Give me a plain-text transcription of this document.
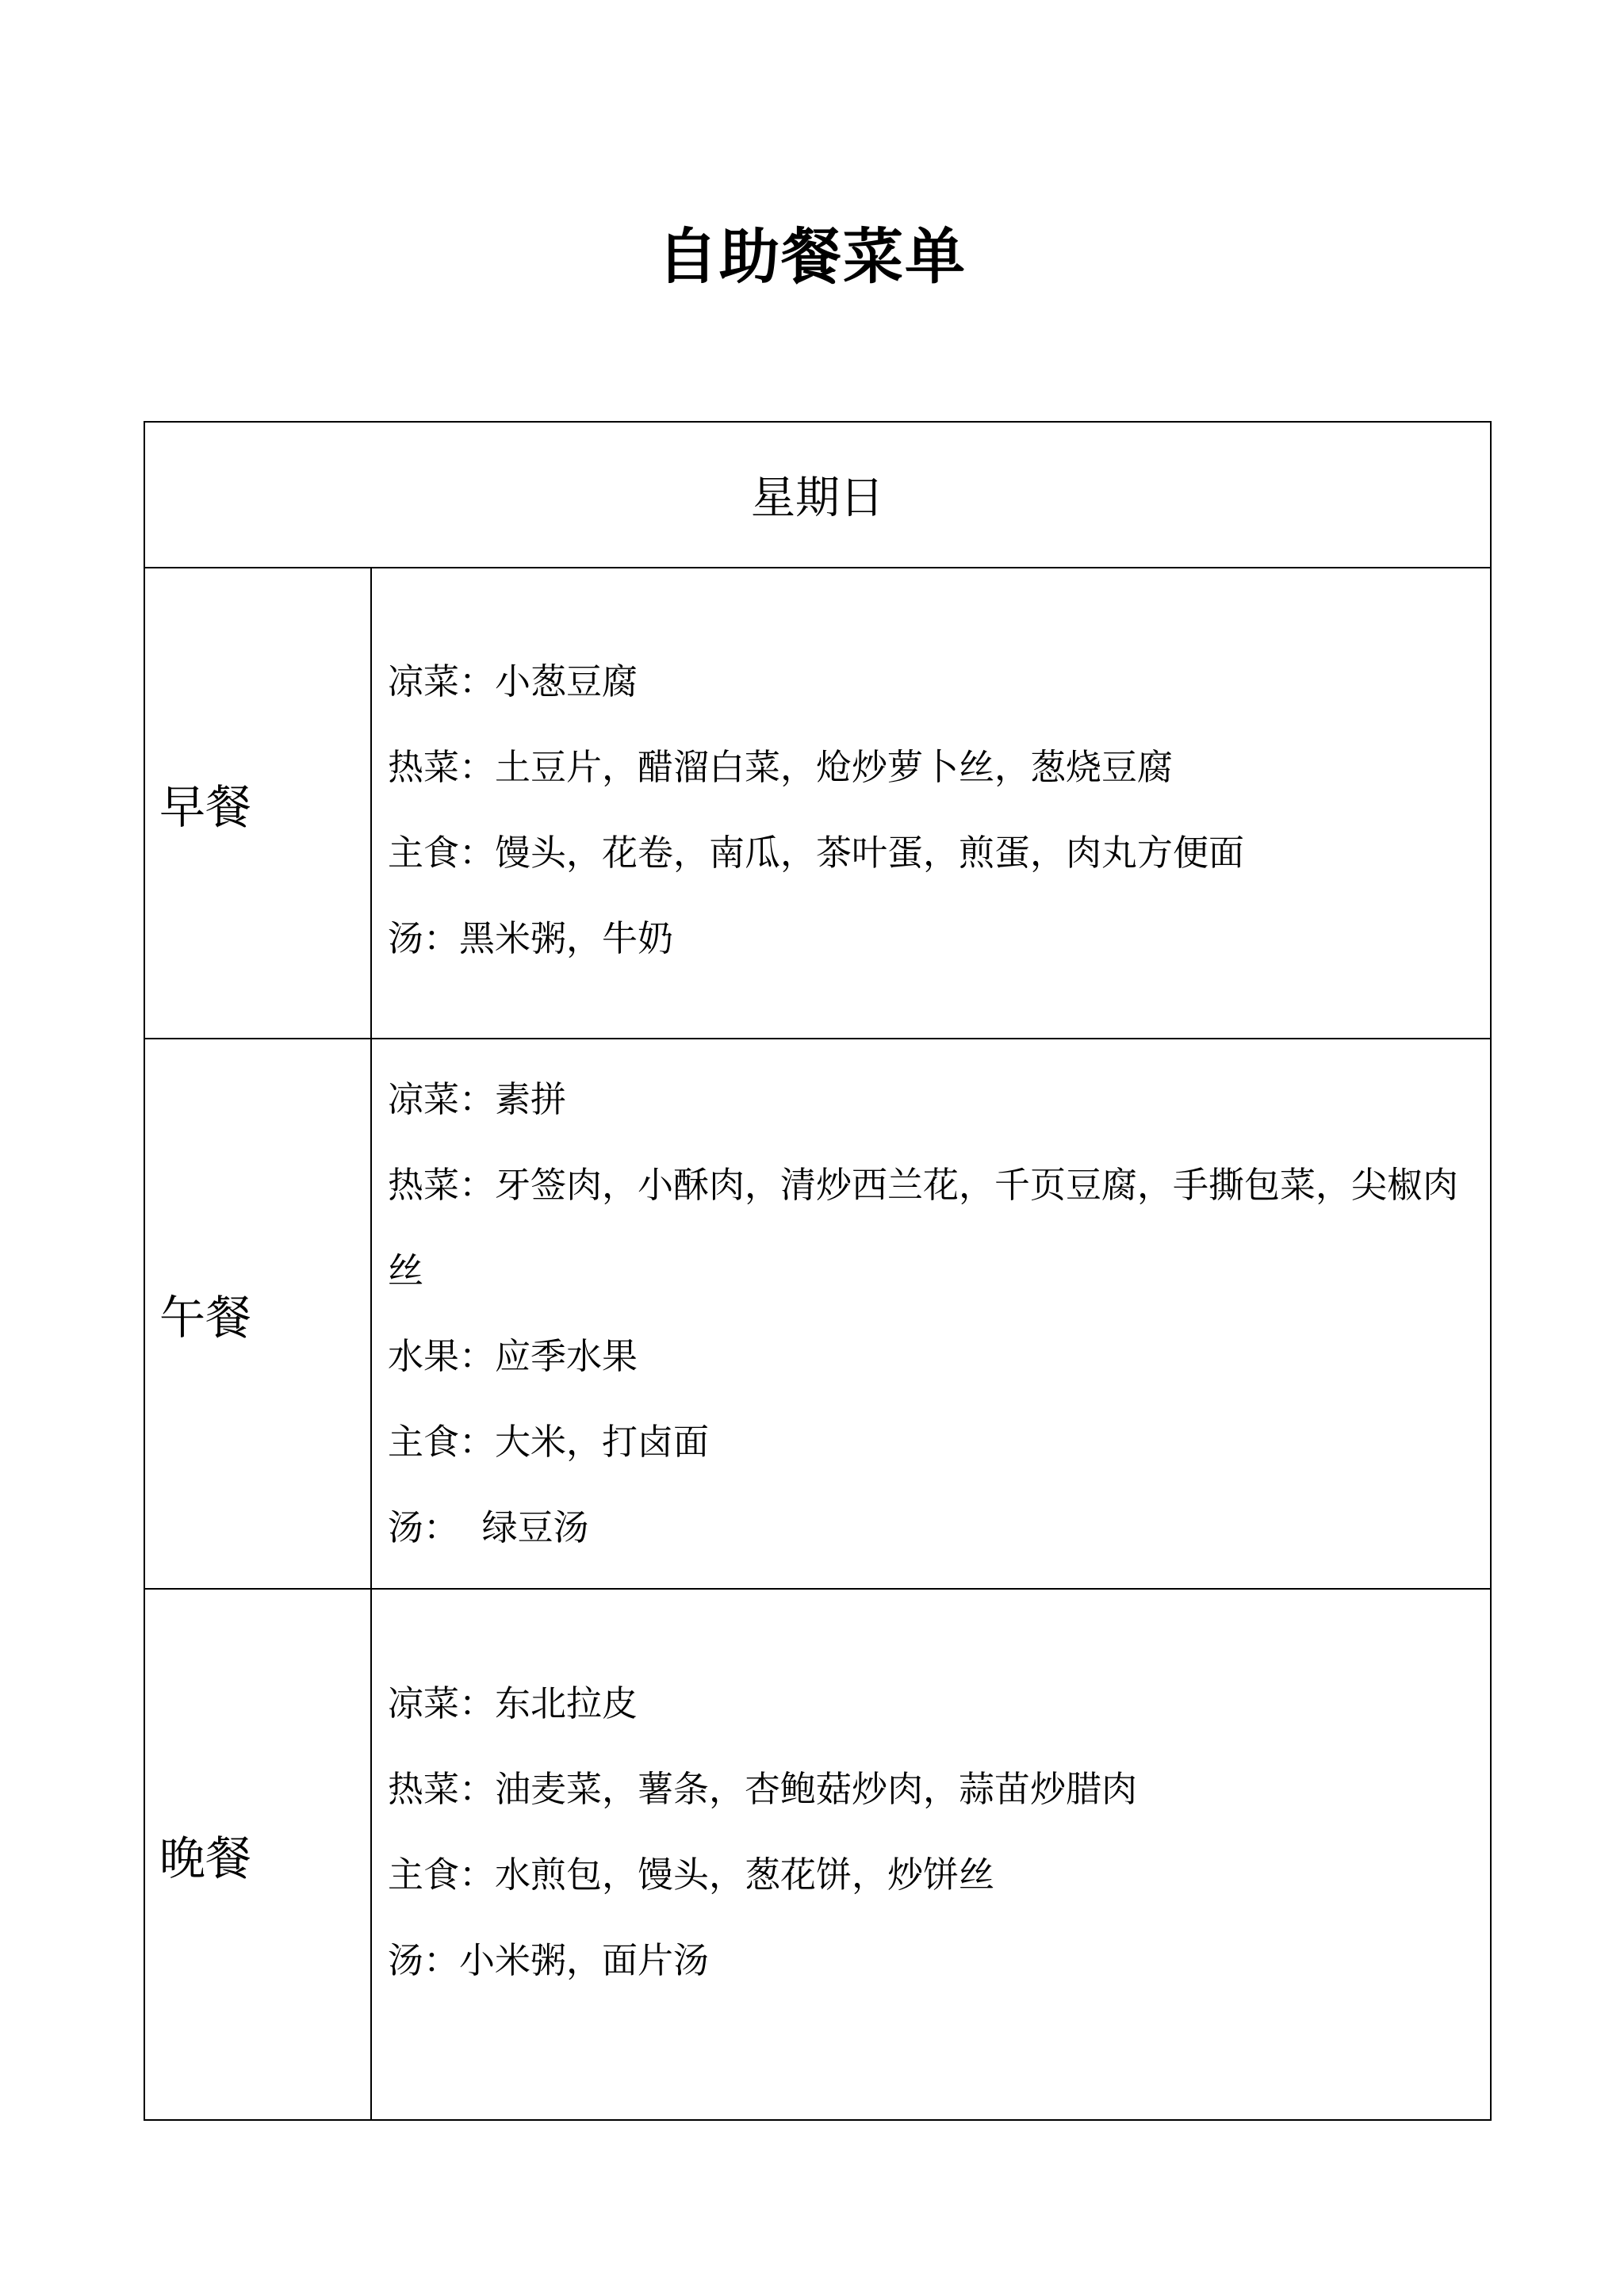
自助餐菜单
星期日	
早餐	凉菜：小葱豆腐
热菜：土豆片，醋溜白菜，炝炒萝卜丝，葱烧豆腐
主食：馒头，花卷，南瓜，茶叶蛋，煎蛋，肉丸方便面
汤：黑米粥，牛奶

午餐	凉菜：素拼
热菜：牙签肉，小酥肉，清炒西兰花，千页豆腐，手撕包菜，尖椒肉丝
水果：应季水果
主食：大米，打卤面
汤：  绿豆汤

晚餐	凉菜：东北拉皮
热菜：油麦菜，薯条，杏鲍菇炒肉，蒜苗炒腊肉
主食：水煎包，馒头，葱花饼，炒饼丝
汤：小米粥，面片汤
